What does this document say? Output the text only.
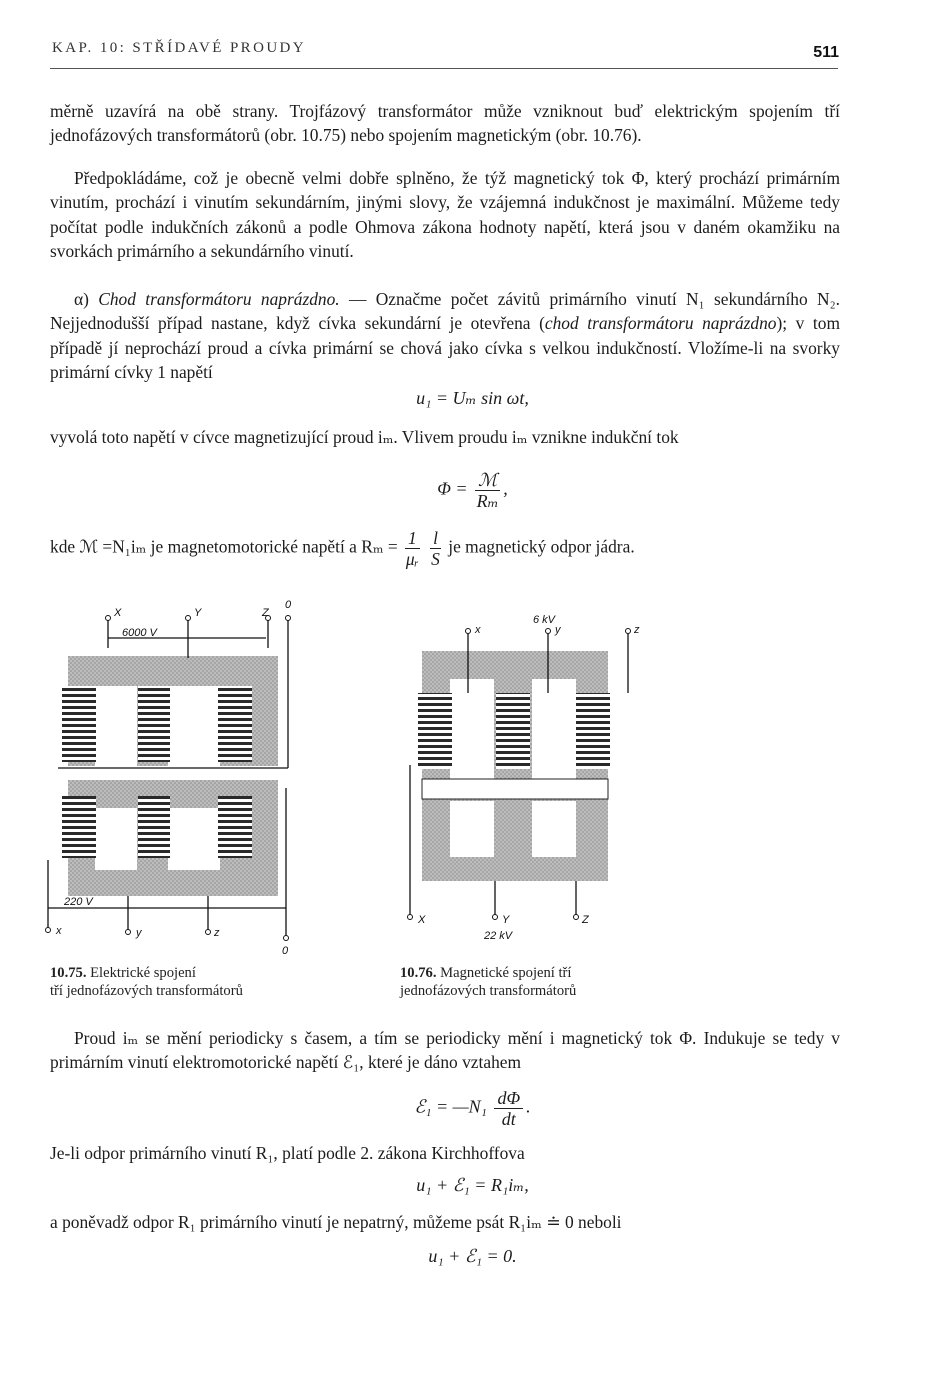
KAP. 10: STŘÍDAVÉ PROUDY	511

měrně uzavírá na obě strany. Trojfázový transformátor může vzniknout buď elektrickým spojením tří jednofázových transformátorů (obr. 10.75) nebo spojením magnetickým (obr. 10.76).

Předpokládáme, což je obecně velmi dobře splněno, že týž magnetický tok Φ, který prochází primárním vinutím, prochází i vinutím sekundárním, jinými slovy, že vzájemná indukčnost je maximální. Můžeme tedy počítat podle indukčních zákonů a podle Ohmova zákona hodnoty napětí, která jsou v daném okamžiku na svorkách primárního a sekundárního vinutí.

α) Chod transformátoru naprázdno. — Označme počet závitů primárního vinutí N₁ sekundárního N₂. Nejjednodušší případ nastane, když cívka sekundární je otevřena (chod transformátoru naprázdno); v tom případě jí neprochází proud a cívka primární se chová jako cívka s velkou indukčností. Vložíme-li na svorky primární cívky 1 napětí

u₁ = Uₘ sin ωt,

vyvolá toto napětí v cívce magnetizující proud iₘ. Vlivem proudu iₘ vznikne indukční tok

$\Phi = \frac{\text{ℳ}}{\text{Rₘ}}$ ,
kde ℳ =N₁iₘ je magnetomotorické napětí a $R_m = \frac{1}{\text{μᵣ}}$
$\frac{l}{S}$ je magnetický odpor jádra.
X	Y	Z
0
6000 V
x	y	z
0
220 V
10.75. Elektrické spojení
tří jednofázových transformátorů
6 kV
x	y	z
X	Y	Z
22 kV
10.76. Magnetické spojení tří
jednofázových transformátorů

Proud iₘ se mění periodicky s časem, a tím se periodicky mění i magnetický tok Φ. Indukuje se tedy v primárním vinutí elektromotorické napětí ℰ₁, které je dáno vztahem

ℰ₁ = —N₁ $\frac{d\Phi}{dt}$ .

Je-li odpor primárního vinutí R₁, platí podle 2. zákona Kirchhoffova

u₁ + ℰ₁ = R₁iₘ,

a poněvadž odpor R₁ primárního vinutí je nepatrný, můžeme psát R₁iₘ ≐ 0 neboli

u₁ + ℰ₁ = 0.
